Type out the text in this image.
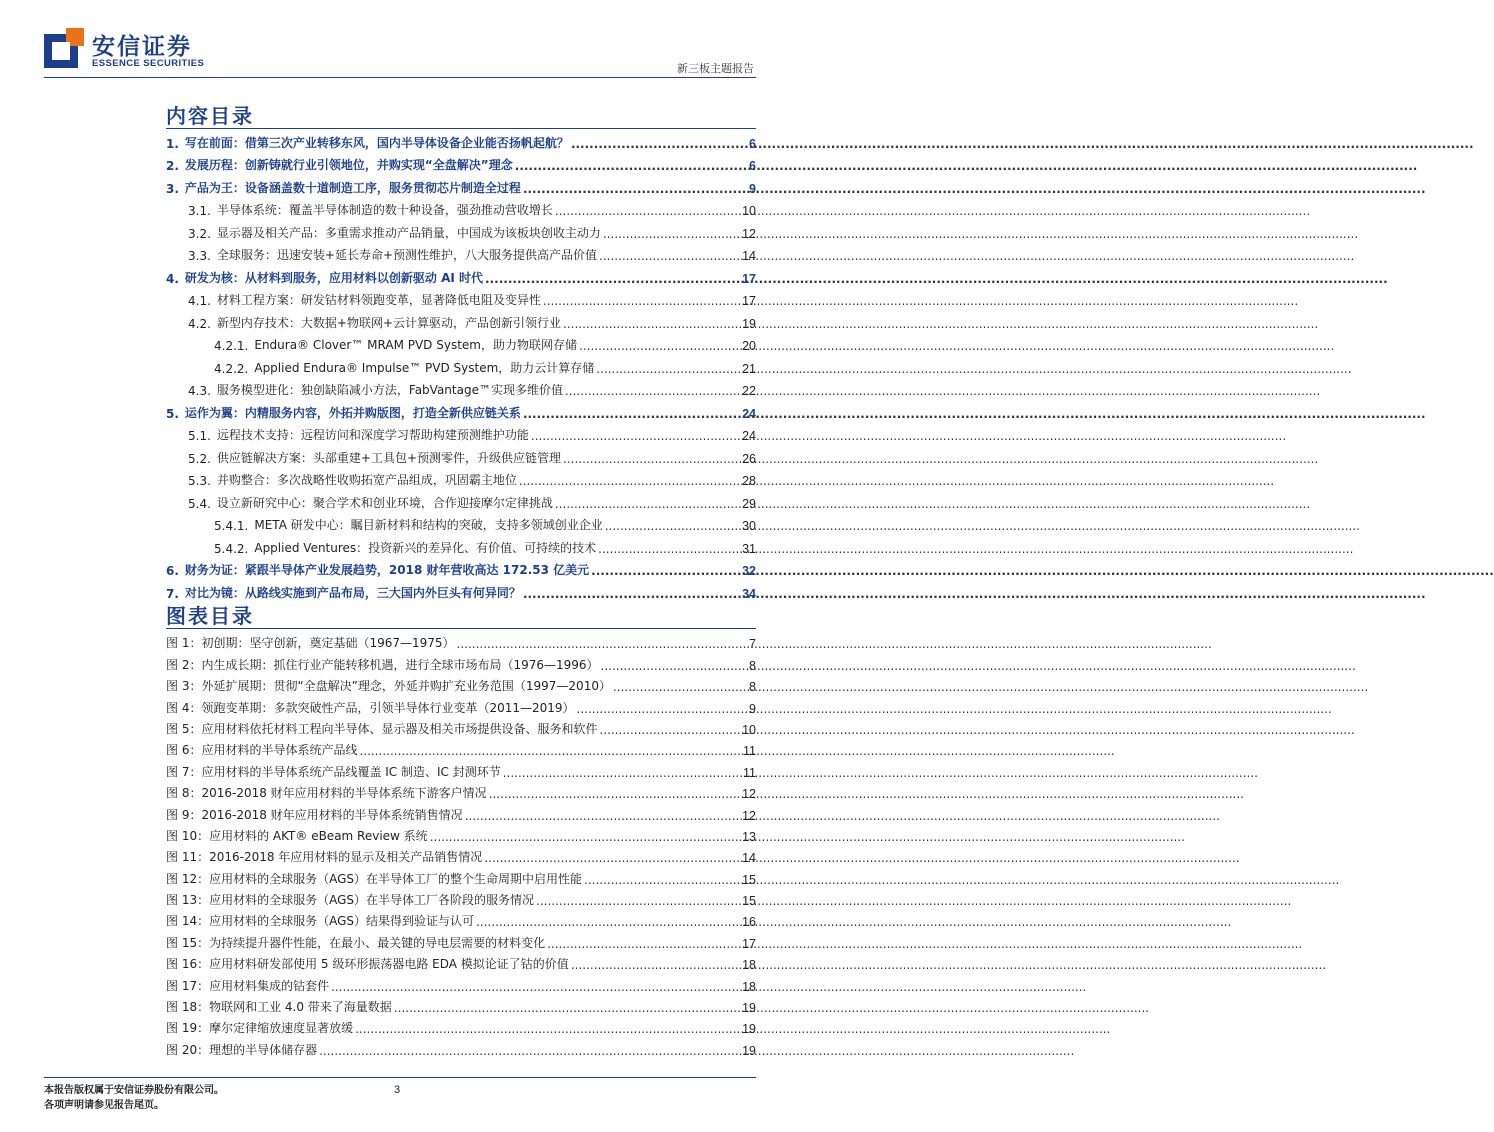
安信证券
ESSENCE SECURITIES	新三板主题报告
内容目录
1. 写在前面：借第三次产业转移东风，国内半导体设备企业能否扬帆起航？ .....	6
2. 发展历程：创新铸就行业引领地位，并购实现“全盘解决”理念 .....	6
3. 产品为王：设备涵盖数十道制造工序，服务贯彻芯片制造全过程 .....	9
3.1. 半导体系统：覆盖半导体制造的数十种设备，强劲推动营收增长 .....	10
3.2. 显示器及相关产品：多重需求推动产品销量，中国成为该板块创收主动力 .....	12
3.3. 全球服务：迅速安装+延长寿命+预测性维护，八大服务提供高产品价值 .....	14
4. 研发为核：从材料到服务，应用材料以创新驱动 AI 时代 .....	17
4.1. 材料工程方案：研发钴材料领跑变革，显著降低电阻及变异性 .....	17
4.2. 新型内存技术：大数据+物联网+云计算驱动，产品创新引领行业 .....	19
4.2.1. Endura® Clover™ MRAM PVD System，助力物联网存储 .....	20
4.2.2. Applied Endura® Impulse™ PVD System，助力云计算存储 .....	21
4.3. 服务模型进化：独创缺陷减小方法，FabVantage™实现多维价值 .....	22
5. 运作为翼：内精服务内容，外拓并购版图，打造全新供应链关系 .....	24
5.1. 远程技术支持：远程访问和深度学习帮助构建预测维护功能 .....	24
5.2. 供应链解决方案：头部重建+工具包+预测零件，升级供应链管理 .....	26
5.3. 并购整合：多次战略性收购拓宽产品组成，巩固霸主地位 .....	28
5.4. 设立新研究中心：聚合学术和创业环境，合作迎接摩尔定律挑战 .....	29
5.4.1. META 研发中心：瞩目新材料和结构的突破，支持多领域创业企业 .....	30
5.4.2. Applied Ventures：投资新兴的差异化、有价值、可持续的技术 .....	31
6. 财务为证：紧跟半导体产业发展趋势，2018 财年营收高达 172.53 亿美元 .....	32
7. 对比为镜：从路线实施到产品布局，三大国内外巨头有何异同？ .....	34
图表目录
图 1：初创期：坚守创新，奠定基础（1967—1975） .....	7
图 2：内生成长期：抓住行业产能转移机遇，进行全球市场布局（1976—1996） .....	8
图 3：外延扩展期：贯彻“全盘解决”理念，外延并购扩充业务范围（1997—2010） .....	8
图 4：领跑变革期：多款突破性产品，引领半导体行业变革（2011—2019） .....	9
图 5：应用材料依托材料工程向半导体、显示器及相关市场提供设备、服务和软件 .....	10
图 6：应用材料的半导体系统产品线 .....	11
图 7：应用材料的半导体系统产品线覆盖 IC 制造、IC 封测环节 .....	11
图 8：2016-2018 财年应用材料的半导体系统下游客户情况 .....	12
图 9：2016-2018 财年应用材料的半导体系统销售情况 .....	12
图 10：应用材料的 AKT® eBeam Review 系统 .....	13
图 11：2016-2018 年应用材料的显示及相关产品销售情况 .....	14
图 12：应用材料的全球服务（AGS）在半导体工厂的整个生命周期中启用性能 .....	15
图 13：应用材料的全球服务（AGS）在半导体工厂各阶段的服务情况 .....	15
图 14：应用材料的全球服务（AGS）结果得到验证与认可 .....	16
图 15：为持续提升器件性能，在最小、最关键的导电层需要的材料变化 .....	17
图 16：应用材料研发部使用 5 级环形振荡器电路 EDA 模拟论证了钴的价值 .....	18
图 17：应用材料集成的钴套件 .....	18
图 18：物联网和工业 4.0 带来了海量数据 .....	19
图 19：摩尔定律缩放速度显著放缓 .....	19
图 20：理想的半导体储存器 .....	19
本报告版权属于安信证券股份有限公司。
各项声明请参见报告尾页。
3
